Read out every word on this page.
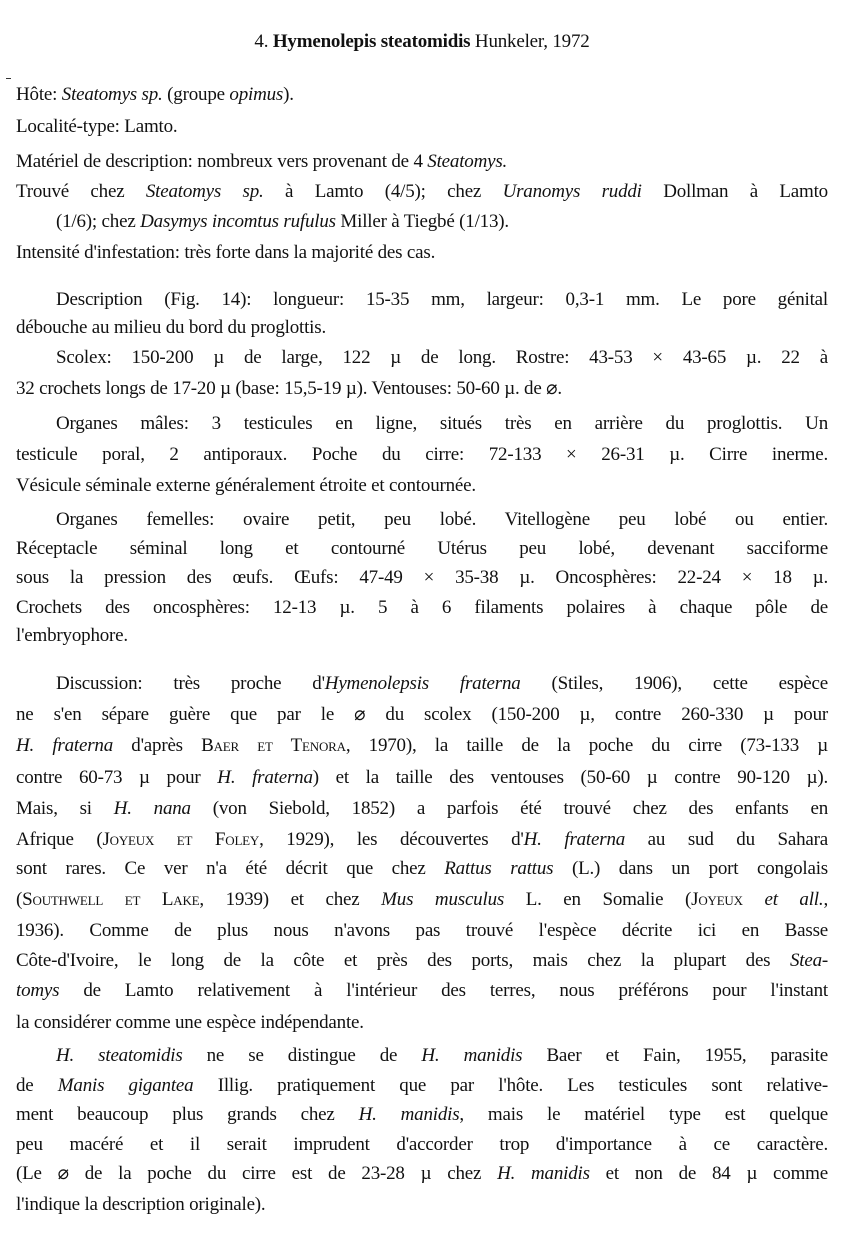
4. Hymenolepis steatomidis Hunkeler, 1972
Hôte: Steatomys sp. (groupe opimus).
Localité-type: Lamto.
Matériel de description: nombreux vers provenant de 4 Steatomys.
Trouvé chez Steatomys sp. à Lamto (4/5); chez Uranomys ruddi Dollman à Lamto
(1/6); chez Dasymys incomtus rufulus Miller à Tiegbé (1/13).
Intensité d'infestation: très forte dans la majorité des cas.
Description (Fig. 14): longueur: 15-35 mm, largeur: 0,3-1 mm. Le pore génital
débouche au milieu du bord du proglottis.
Scolex: 150-200 µ de large, 122 µ de long. Rostre: 43-53 × 43-65 µ. 22 à
32 crochets longs de 17-20 µ (base: 15,5-19 µ). Ventouses: 50-60 µ. de ⌀.
Organes mâles: 3 testicules en ligne, situés très en arrière du proglottis. Un
testicule poral, 2 antiporaux. Poche du cirre: 72-133 × 26-31 µ. Cirre inerme.
Vésicule séminale externe généralement étroite et contournée.
Organes femelles: ovaire petit, peu lobé. Vitellogène peu lobé ou entier.
Réceptacle séminal long et contourné Utérus peu lobé, devenant sacciforme
sous la pression des œufs. Œufs: 47-49 × 35-38 µ. Oncosphères: 22-24 × 18 µ.
Crochets des oncosphères: 12-13 µ. 5 à 6 filaments polaires à chaque pôle de
l'embryophore.
Discussion: très proche d'Hymenolepsis fraterna (Stiles, 1906), cette espèce
ne s'en sépare guère que par le ⌀ du scolex (150-200 µ, contre 260-330 µ pour
H. fraterna d'après Baer et Tenora, 1970), la taille de la poche du cirre (73-133 µ
contre 60-73 µ pour H. fraterna) et la taille des ventouses (50-60 µ contre 90-120 µ).
Mais, si H. nana (von Siebold, 1852) a parfois été trouvé chez des enfants en
Afrique (Joyeux et Foley, 1929), les découvertes d'H. fraterna au sud du Sahara
sont rares. Ce ver n'a été décrit que chez Rattus rattus (L.) dans un port congolais
(Southwell et Lake, 1939) et chez Mus musculus L. en Somalie (Joyeux et all.,
1936). Comme de plus nous n'avons pas trouvé l'espèce décrite ici en Basse
Côte-d'Ivoire, le long de la côte et près des ports, mais chez la plupart des Stea-
tomys de Lamto relativement à l'intérieur des terres, nous préférons pour l'instant
la considérer comme une espèce indépendante.
H. steatomidis ne se distingue de H. manidis Baer et Fain, 1955, parasite
de Manis gigantea Illig. pratiquement que par l'hôte. Les testicules sont relative-
ment beaucoup plus grands chez H. manidis, mais le matériel type est quelque
peu macéré et il serait imprudent d'accorder trop d'importance à ce caractère.
(Le ⌀ de la poche du cirre est de 23-28 µ chez H. manidis et non de 84 µ comme
l'indique la description originale).
